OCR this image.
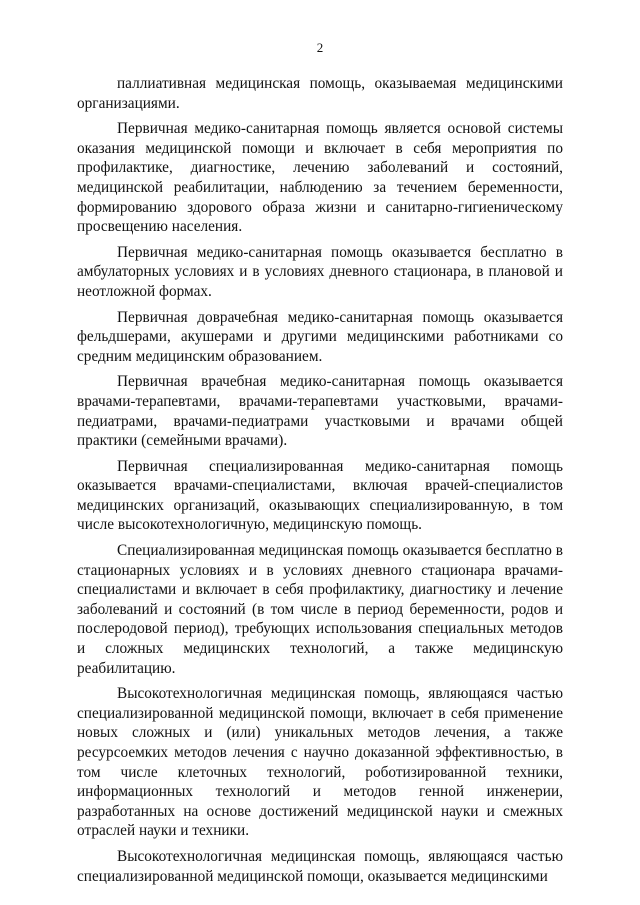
2

паллиативная медицинская помощь, оказываемая медицинскими организациями.

Первичная медико-санитарная помощь является основой системы оказания медицинской помощи и включает в себя мероприятия по профилактике, диагностике, лечению заболеваний и состояний, медицинской реабилитации, наблюдению за течением беременности, формированию здорового образа жизни и санитарно-гигиеническому просвещению населения.

Первичная медико-санитарная помощь оказывается бесплатно в амбулаторных условиях и в условиях дневного стационара, в плановой и неотложной формах.

Первичная доврачебная медико-санитарная помощь оказывается фельдшерами, акушерами и другими медицинскими работниками со средним медицинским образованием.

Первичная врачебная медико-санитарная помощь оказывается врачами-терапевтами, врачами-терапевтами участковыми, врачами-педиатрами, врачами-педиатрами участковыми и врачами общей практики (семейными врачами).

Первичная специализированная медико-санитарная помощь оказывается врачами-специалистами, включая врачей-специалистов медицинских организаций, оказывающих специализированную, в том числе высокотехнологичную, медицинскую помощь.

Специализированная медицинская помощь оказывается бесплатно в стационарных условиях и в условиях дневного стационара врачами-специалистами и включает в себя профилактику, диагностику и лечение заболеваний и состояний (в том числе в период беременности, родов и послеродовой период), требующих использования специальных методов и сложных медицинских технологий, а также медицинскую реабилитацию.

Высокотехнологичная медицинская помощь, являющаяся частью специализированной медицинской помощи, включает в себя применение новых сложных и (или) уникальных методов лечения, а также ресурсоемких методов лечения с научно доказанной эффективностью, в том числе клеточных технологий, роботизированной техники, информационных технологий и методов генной инженерии, разработанных на основе достижений медицинской науки и смежных отраслей науки и техники.

Высокотехнологичная медицинская помощь, являющаяся частью специализированной медицинской помощи, оказывается медицинскими
